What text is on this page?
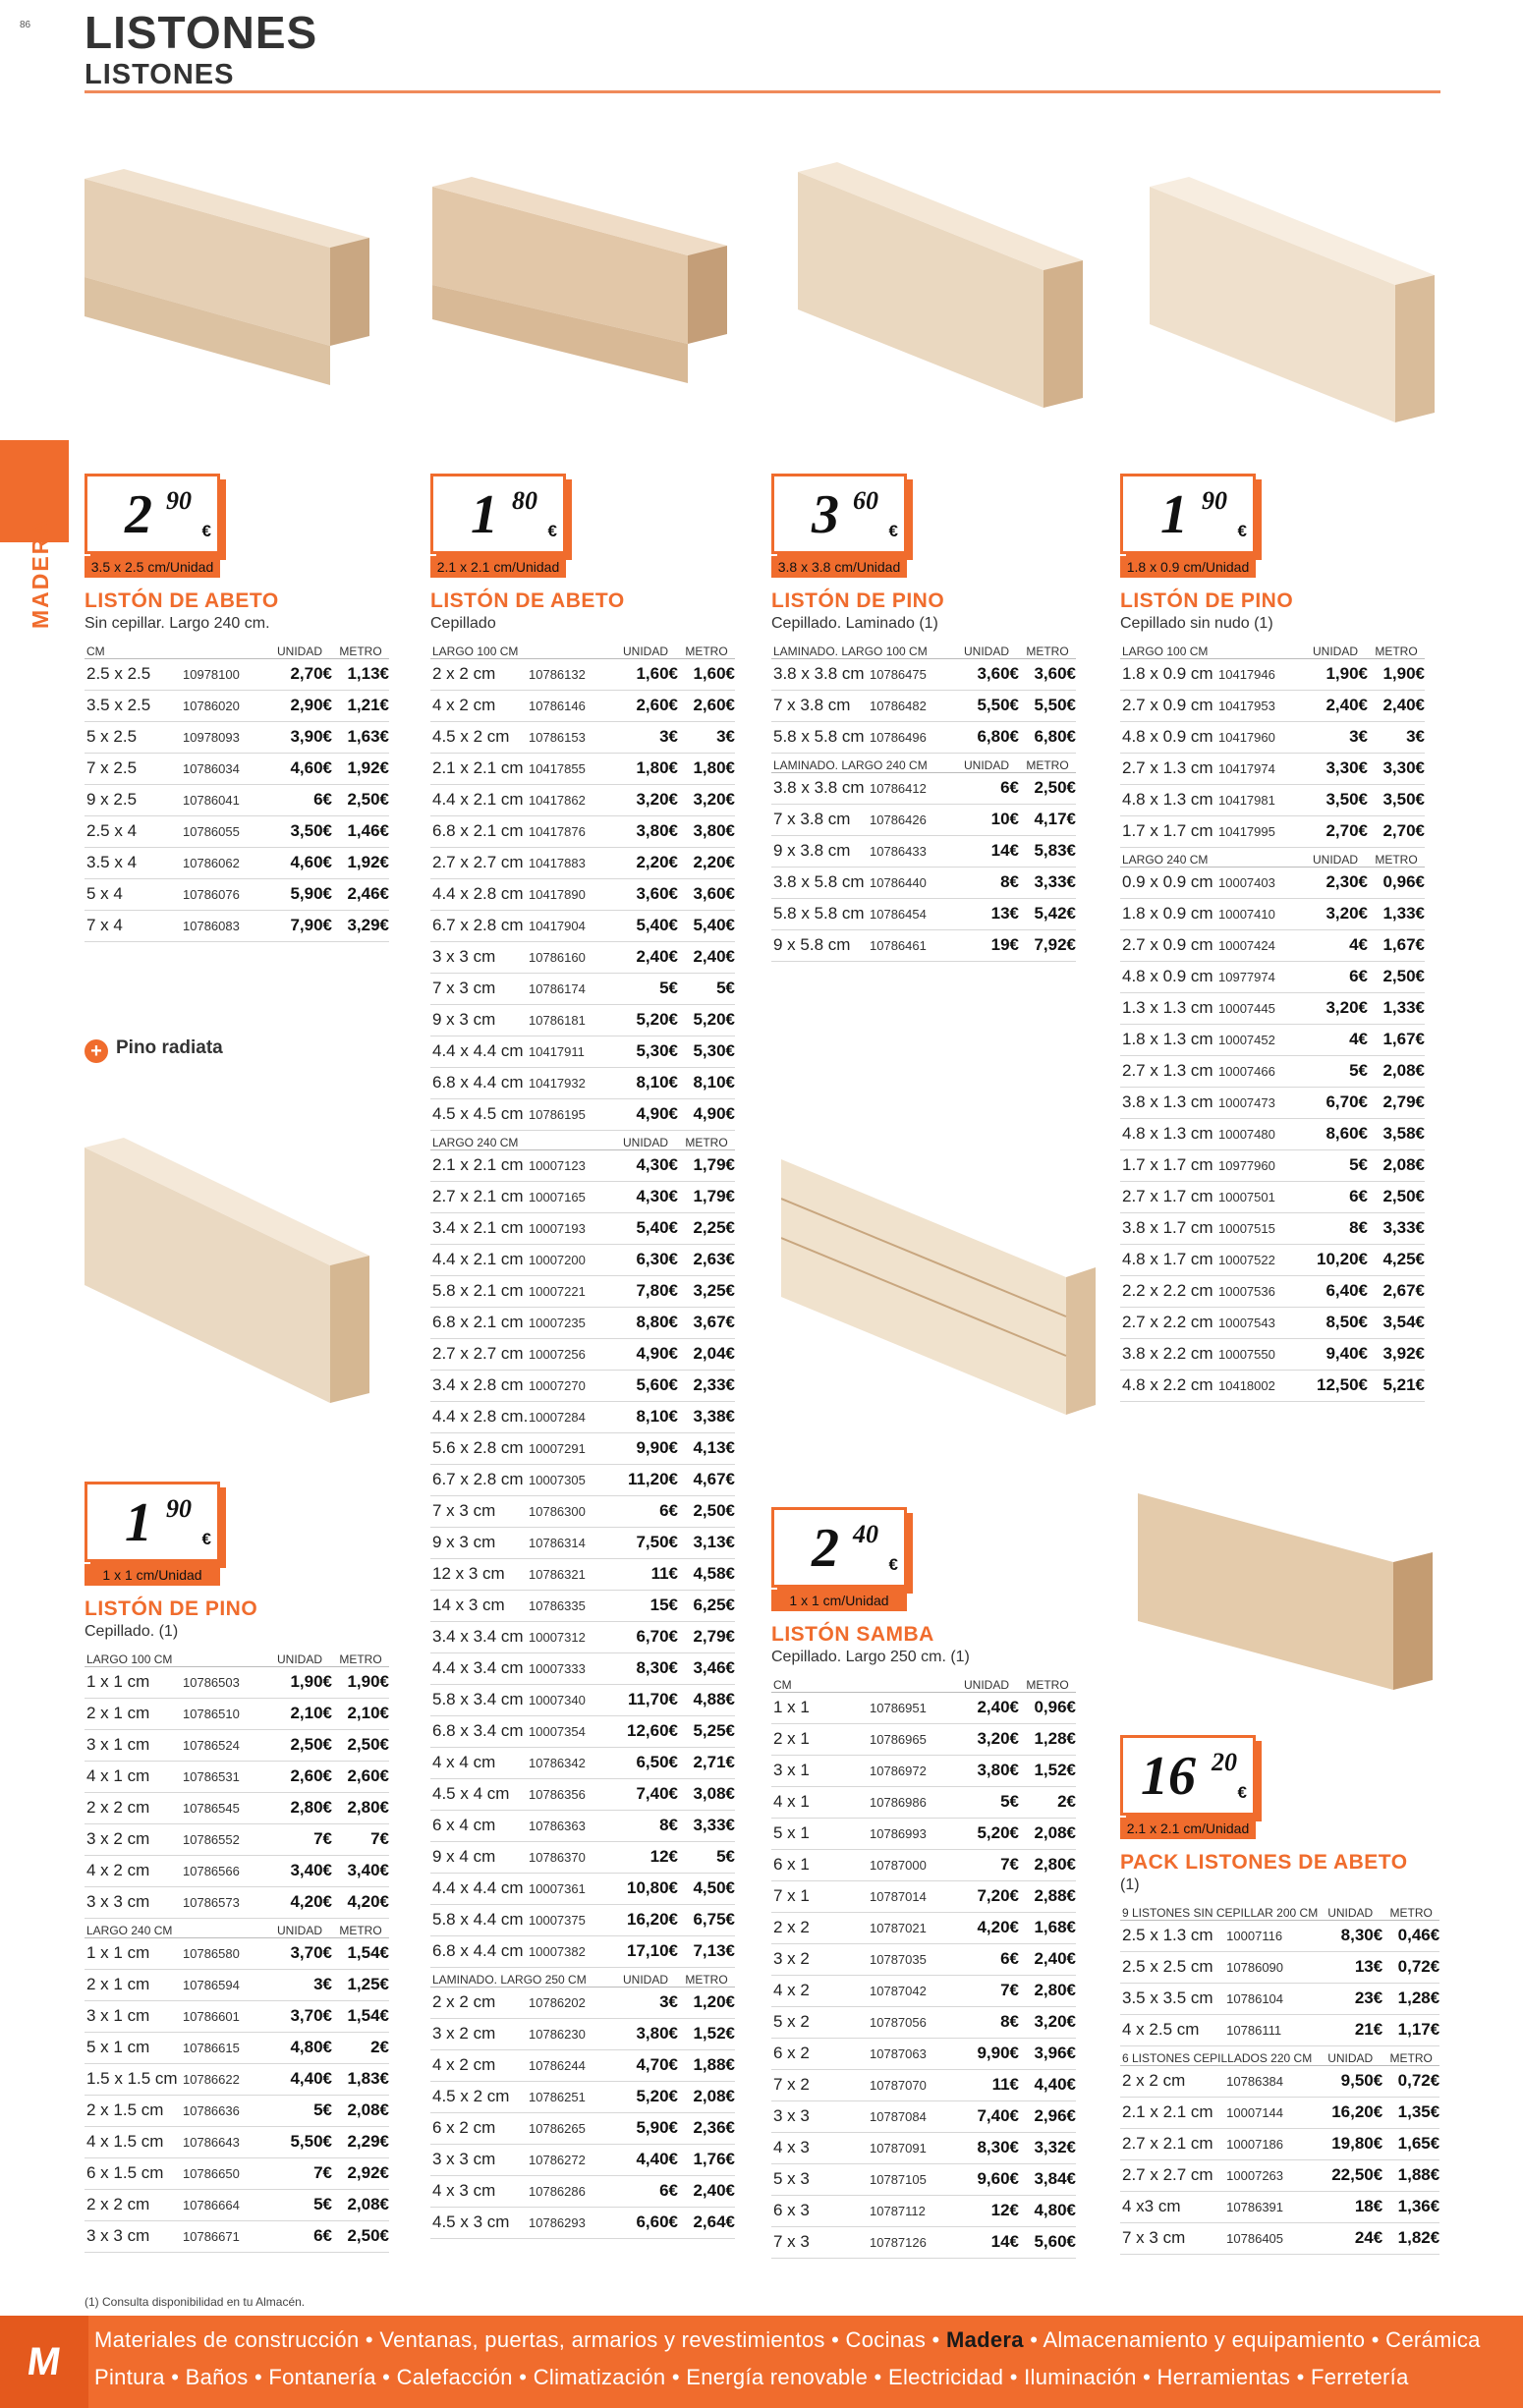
86 LISTONES
LISTONES
MADERA
2 90
€
3.5 x 2.5 cm/Unidad
LISTÓN DE ABETO
Sin cepillar. Largo 240 cm.
CM		UNIDAD	METRO
2.5 x 2.5	10978100	2,70€	1,13€
3.5 x 2.5	10786020	2,90€	1,21€
5 x 2.5	10978093	3,90€	1,63€
7 x 2.5	10786034	4,60€	1,92€
9 x 2.5	10786041	6€	2,50€
2.5 x 4	10786055	3,50€	1,46€
3.5 x 4	10786062	4,60€	1,92€
5 x 4	10786076	5,90€	2,46€
7 x 4	10786083	7,90€	3,29€
1 80
€
2.1 x 2.1 cm/Unidad
LISTÓN DE ABETO
Cepillado
LARGO 100 CM		UNIDAD	METRO
2 x 2 cm	10786132	1,60€	1,60€
4 x 2 cm	10786146	2,60€	2,60€
4.5 x 2 cm	10786153	3€	3€
2.1 x 2.1 cm	10417855	1,80€	1,80€
4.4 x 2.1 cm	10417862	3,20€	3,20€
6.8 x 2.1 cm	10417876	3,80€	3,80€
2.7 x 2.7 cm	10417883	2,20€	2,20€
4.4 x 2.8 cm	10417890	3,60€	3,60€
6.7 x 2.8 cm	10417904	5,40€	5,40€
3 x 3 cm	10786160	2,40€	2,40€
7 x 3 cm	10786174	5€	5€
9 x 3 cm	10786181	5,20€	5,20€
4.4 x 4.4 cm	10417911	5,30€	5,30€
6.8 x 4.4 cm	10417932	8,10€	8,10€
4.5 x 4.5 cm	10786195	4,90€	4,90€
LARGO 240 CM		UNIDAD	METRO
2.1 x 2.1 cm	10007123	4,30€	1,79€
2.7 x 2.1 cm	10007165	4,30€	1,79€
3.4 x 2.1 cm	10007193	5,40€	2,25€
4.4 x 2.1 cm	10007200	6,30€	2,63€
5.8 x 2.1 cm	10007221	7,80€	3,25€
6.8 x 2.1 cm	10007235	8,80€	3,67€
2.7 x 2.7 cm	10007256	4,90€	2,04€
3.4 x 2.8 cm	10007270	5,60€	2,33€
4.4 x 2.8 cm.	10007284	8,10€	3,38€
5.6 x 2.8 cm	10007291	9,90€	4,13€
6.7 x 2.8 cm	10007305	11,20€	4,67€
7 x 3 cm	10786300	6€	2,50€
9 x 3 cm	10786314	7,50€	3,13€
12 x 3 cm	10786321	11€	4,58€
14 x 3 cm	10786335	15€	6,25€
3.4 x 3.4 cm	10007312	6,70€	2,79€
4.4 x 3.4 cm	10007333	8,30€	3,46€
5.8 x 3.4 cm	10007340	11,70€	4,88€
6.8 x 3.4 cm	10007354	12,60€	5,25€
4 x 4 cm	10786342	6,50€	2,71€
4.5 x 4 cm	10786356	7,40€	3,08€
6 x 4 cm	10786363	8€	3,33€
9 x 4 cm	10786370	12€	5€
4.4 x 4.4 cm	10007361	10,80€	4,50€
5.8 x 4.4 cm	10007375	16,20€	6,75€
6.8 x 4.4 cm	10007382	17,10€	7,13€
LAMINADO. LARGO 250 CM		UNIDAD	METRO
2 x 2 cm	10786202	3€	1,20€
3 x 2 cm	10786230	3,80€	1,52€
4 x 2 cm	10786244	4,70€	1,88€
4.5 x 2 cm	10786251	5,20€	2,08€
6 x 2 cm	10786265	5,90€	2,36€
3 x 3 cm	10786272	4,40€	1,76€
4 x 3 cm	10786286	6€	2,40€
4.5 x 3 cm	10786293	6,60€	2,64€
3 60
€
3.8 x 3.8 cm/Unidad
LISTÓN DE PINO
Cepillado. Laminado (1)
LAMINADO. LARGO 100 CM		UNIDAD	METRO
3.8 x 3.8 cm	10786475	3,60€	3,60€
7 x 3.8 cm	10786482	5,50€	5,50€
5.8 x 5.8 cm	10786496	6,80€	6,80€
LAMINADO. LARGO 240 CM		UNIDAD	METRO
3.8 x 3.8 cm	10786412	6€	2,50€
7 x 3.8 cm	10786426	10€	4,17€
9 x 3.8 cm	10786433	14€	5,83€
3.8 x 5.8 cm	10786440	8€	3,33€
5.8 x 5.8 cm	10786454	13€	5,42€
9 x 5.8 cm	10786461	19€	7,92€
1 90
€
1.8 x 0.9 cm/Unidad
LISTÓN DE PINO
Cepillado sin nudo (1)
LARGO 100 CM		UNIDAD	METRO
1.8 x 0.9 cm	10417946	1,90€	1,90€
2.7 x 0.9 cm	10417953	2,40€	2,40€
4.8 x 0.9 cm	10417960	3€	3€
2.7 x 1.3 cm	10417974	3,30€	3,30€
4.8 x 1.3 cm	10417981	3,50€	3,50€
1.7 x 1.7 cm	10417995	2,70€	2,70€
LARGO 240 CM		UNIDAD	METRO
0.9 x 0.9 cm	10007403	2,30€	0,96€
1.8 x 0.9 cm	10007410	3,20€	1,33€
2.7 x 0.9 cm	10007424	4€	1,67€
4.8 x 0.9 cm	10977974	6€	2,50€
1.3 x 1.3 cm	10007445	3,20€	1,33€
1.8 x 1.3 cm	10007452	4€	1,67€
2.7 x 1.3 cm	10007466	5€	2,08€
3.8 x 1.3 cm	10007473	6,70€	2,79€
4.8 x 1.3 cm	10007480	8,60€	3,58€
1.7 x 1.7 cm	10977960	5€	2,08€
2.7 x 1.7 cm	10007501	6€	2,50€
3.8 x 1.7 cm	10007515	8€	3,33€
4.8 x 1.7 cm	10007522	10,20€	4,25€
2.2 x 2.2 cm	10007536	6,40€	2,67€
2.7 x 2.2 cm	10007543	8,50€	3,54€
3.8 x 2.2 cm	10007550	9,40€	3,92€
4.8 x 2.2 cm	10418002	12,50€	5,21€
1 90
€
1 x 1 cm/Unidad
LISTÓN DE PINO
Cepillado. (1)
LARGO 100 CM		UNIDAD	METRO
1 x 1 cm	10786503	1,90€	1,90€
2 x 1 cm	10786510	2,10€	2,10€
3 x 1 cm	10786524	2,50€	2,50€
4 x 1 cm	10786531	2,60€	2,60€
2 x 2 cm	10786545	2,80€	2,80€
3 x 2 cm	10786552	7€	7€
4 x 2 cm	10786566	3,40€	3,40€
3 x 3 cm	10786573	4,20€	4,20€
LARGO 240 CM		UNIDAD	METRO
1 x 1 cm	10786580	3,70€	1,54€
2 x 1 cm	10786594	3€	1,25€
3 x 1 cm	10786601	3,70€	1,54€
5 x 1 cm	10786615	4,80€	2€
1.5 x 1.5 cm	10786622	4,40€	1,83€
2 x 1.5 cm	10786636	5€	2,08€
4 x 1.5 cm	10786643	5,50€	2,29€
6 x 1.5 cm	10786650	7€	2,92€
2 x 2 cm	10786664	5€	2,08€
3 x 3 cm	10786671	6€	2,50€
2 40
€
1 x 1 cm/Unidad
LISTÓN SAMBA
Cepillado. Largo 250 cm. (1)
CM		UNIDAD	METRO
1 x 1	10786951	2,40€	0,96€
2 x 1	10786965	3,20€	1,28€
3 x 1	10786972	3,80€	1,52€
4 x 1	10786986	5€	2€
5 x 1	10786993	5,20€	2,08€
6 x 1	10787000	7€	2,80€
7 x 1	10787014	7,20€	2,88€
2 x 2	10787021	4,20€	1,68€
3 x 2	10787035	6€	2,40€
4 x 2	10787042	7€	2,80€
5 x 2	10787056	8€	3,20€
6 x 2	10787063	9,90€	3,96€
7 x 2	10787070	11€	4,40€
3 x 3	10787084	7,40€	2,96€
4 x 3	10787091	8,30€	3,32€
5 x 3	10787105	9,60€	3,84€
6 x 3	10787112	12€	4,80€
7 x 3	10787126	14€	5,60€
16 20
€
2.1 x 2.1 cm/Unidad
PACK LISTONES DE ABETO
(1)
9 LISTONES SIN CEPILLAR 200 CM		UNIDAD	METRO
2.5 x 1.3 cm	10007116	8,30€	0,46€
2.5 x 2.5 cm	10786090	13€	0,72€
3.5 x 3.5 cm	10786104	23€	1,28€
4 x 2.5 cm	10786111	21€	1,17€
6 LISTONES CEPILLADOS 220 CM		UNIDAD	METRO
2 x 2 cm	10786384	9,50€	0,72€
2.1 x 2.1 cm	10007144	16,20€	1,35€
2.7 x 2.1 cm	10007186	19,80€	1,65€
2.7 x 2.7 cm	10007263	22,50€	1,88€
4 x3 cm	10786391	18€	1,36€
7 x 3 cm	10786405	24€	1,82€
+ Pino radiata
(1) Consulta disponibilidad en tu Almacén.
M Materiales de construcción • Ventanas, puertas, armarios y revestimientos • Cocinas • Madera • Almacenamiento y equipamiento • Cerámica
Pintura • Baños • Fontanería • Calefacción • Climatización • Energía renovable • Electricidad • Iluminación • Herramientas • Ferretería
